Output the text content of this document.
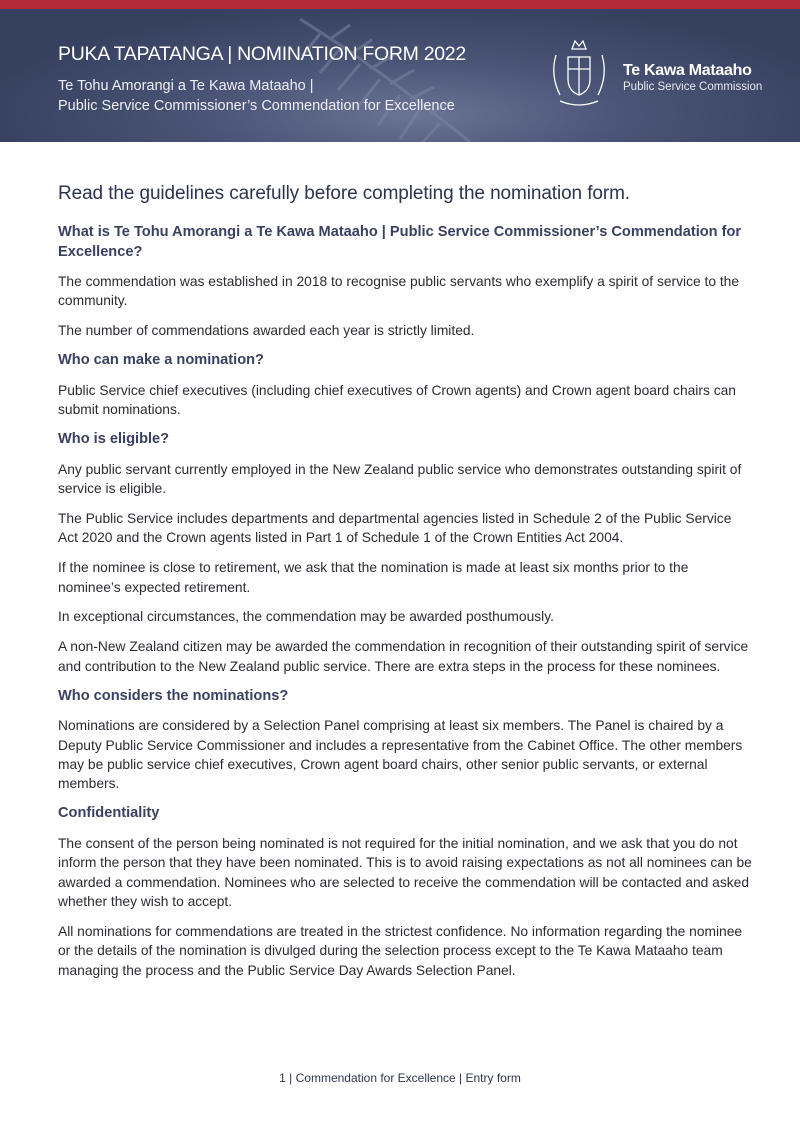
PUKA TAPATANGA | NOMINATION FORM 2022
Te Tohu Amorangi a Te Kawa Mataaho |
Public Service Commissioner’s Commendation for Excellence
Te Kawa Mataaho
Public Service Commission
Read the guidelines carefully before completing the nomination form.
What is Te Tohu Amorangi a Te Kawa Mataaho | Public Service Commissioner’s Commendation for Excellence?

The commendation was established in 2018 to recognise public servants who exemplify a spirit of service to the community.

The number of commendations awarded each year is strictly limited.

Who can make a nomination?

Public Service chief executives (including chief executives of Crown agents) and Crown agent board chairs can submit nominations.

Who is eligible?

Any public servant currently employed in the New Zealand public service who demonstrates outstanding spirit of service is eligible.

The Public Service includes departments and departmental agencies listed in Schedule 2 of the Public Service Act 2020 and the Crown agents listed in Part 1 of Schedule 1 of the Crown Entities Act 2004.

If the nominee is close to retirement, we ask that the nomination is made at least six months prior to the nominee’s expected retirement.

In exceptional circumstances, the commendation may be awarded posthumously.

A non-New Zealand citizen may be awarded the commendation in recognition of their outstanding spirit of service and contribution to the New Zealand public service. There are extra steps in the process for these nominees.

Who considers the nominations?

Nominations are considered by a Selection Panel comprising at least six members. The Panel is chaired by a Deputy Public Service Commissioner and includes a representative from the Cabinet Office. The other members may be public service chief executives, Crown agent board chairs, other senior public servants, or external members.

Confidentiality

The consent of the person being nominated is not required for the initial nomination, and we ask that you do not inform the person that they have been nominated. This is to avoid raising expectations as not all nominees can be awarded a commendation. Nominees who are selected to receive the commendation will be contacted and asked whether they wish to accept.

All nominations for commendations are treated in the strictest confidence. No information regarding the nominee or the details of the nomination is divulged during the selection process except to the Te Kawa Mataaho team managing the process and the Public Service Day Awards Selection Panel.

1 | Commendation for Excellence | Entry form
